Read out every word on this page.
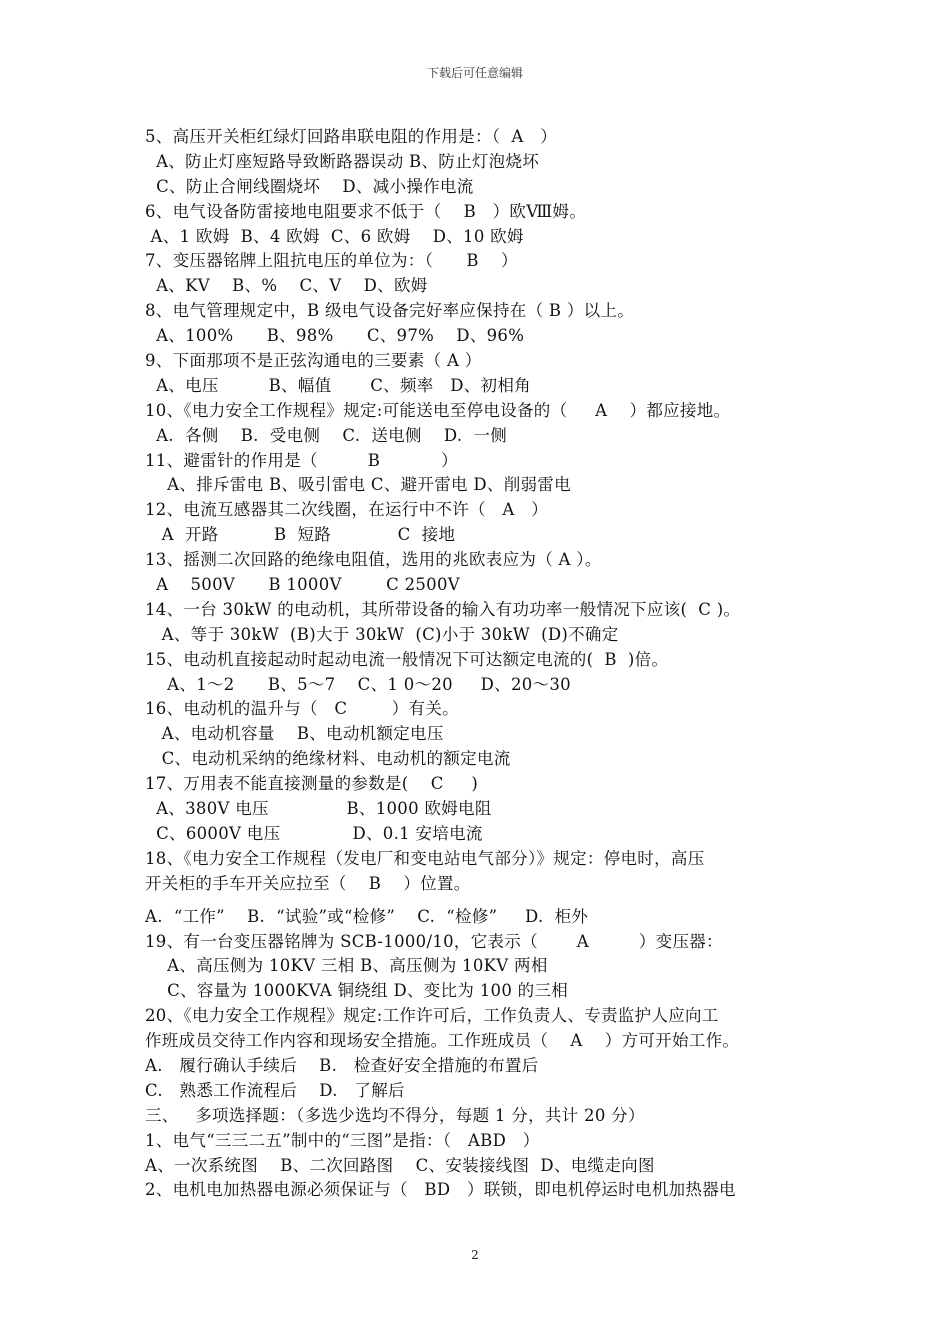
下载后可任意编辑
5、高压开关柜红绿灯回路串联电阻的作用是：（  A   ）
A、防止灯座短路导致断路器误动 B、防止灯泡烧坏
C、防止合闸线圈烧坏    D、减小操作电流
6、电气设备防雷接地电阻要求不低于（    B   ）欧Ⅷ姆。
A、1 欧姆  B、4 欧姆  C、6 欧姆    D、10 欧姆
7、变压器铭牌上阻抗电压的单位为：（      B    ）
A、KV    B、%    C、V    D、欧姆
8、电气管理规定中，B 级电气设备完好率应保持在（ B ）以上。
A、100%      B、98%      C、97%    D、96%
9、下面那项不是正弦沟通电的三要素（ A ）
A、电压         B、幅值       C、频率   D、初相角
10、《电力安全工作规程》规定:可能送电至停电设备的（     A    ）都应接地。
A.  各侧    B.  受电侧    C.  送电侧    D.  一侧
11、避雷针的作用是（         B           ）
A、排斥雷电 B、吸引雷电 C、避开雷电 D、削弱雷电
12、电流互感器其二次线圈，在运行中不许（   A   ）
A  开路          B  短路            C  接地
13、摇测二次回路的绝缘电阻值，选用的兆欧表应为（ A ）。
A    500V      B 1000V        C 2500V
14、一台 30kW 的电动机，其所带设备的输入有功功率一般情况下应该(  C )。
A、等于 30kW  (B)大于 30kW  (C)小于 30kW  (D)不确定
15、电动机直接起动时起动电流一般情况下可达额定电流的(  B  )倍。
A、1～2      B、5～7    C、1 0～20     D、20～30
16、电动机的温升与（   C        ）有关。
A、电动机容量    B、电动机额定电压
C、电动机采纳的绝缘材料、电动机的额定电流
17、万用表不能直接测量的参数是(    C     )
A、380V 电压              B、1000 欧姆电阻
C、6000V 电压             D、0.1 安培电流
18、《电力安全工作规程（发电厂和变电站电气部分）》规定：停电时，高压
开关柜的手车开关应拉至（    B    ）位置。
A.  “工作”    B.  “试验”或“检修”    C.  “检修”     D.  柜外
19、有一台变压器铭牌为 SCB-1000/10，它表示（       A         ）变压器：
A、高压侧为 10KV 三相 B、高压侧为 10KV 两相
C、容量为 1000KVA 铜绕组 D、变比为 100 的三相
20、《电力安全工作规程》规定:工作许可后，工作负责人、专责监护人应向工
作班成员交待工作内容和现场安全措施。工作班成员（    A    ）方可开始工作。
A.   履行确认手续后    B.   检查好安全措施的布置后
C.   熟悉工作流程后    D.   了解后
三、   多项选择题：（多选少选均不得分，每题 1 分，共计 20 分）
1、电气“三三二五”制中的“三图”是指：（   ABD   ）
A、一次系统图    B、二次回路图    C、安装接线图  D、电缆走向图
2、电机电加热器电源必须保证与（   BD   ）联锁，即电机停运时电机加热器电
2
